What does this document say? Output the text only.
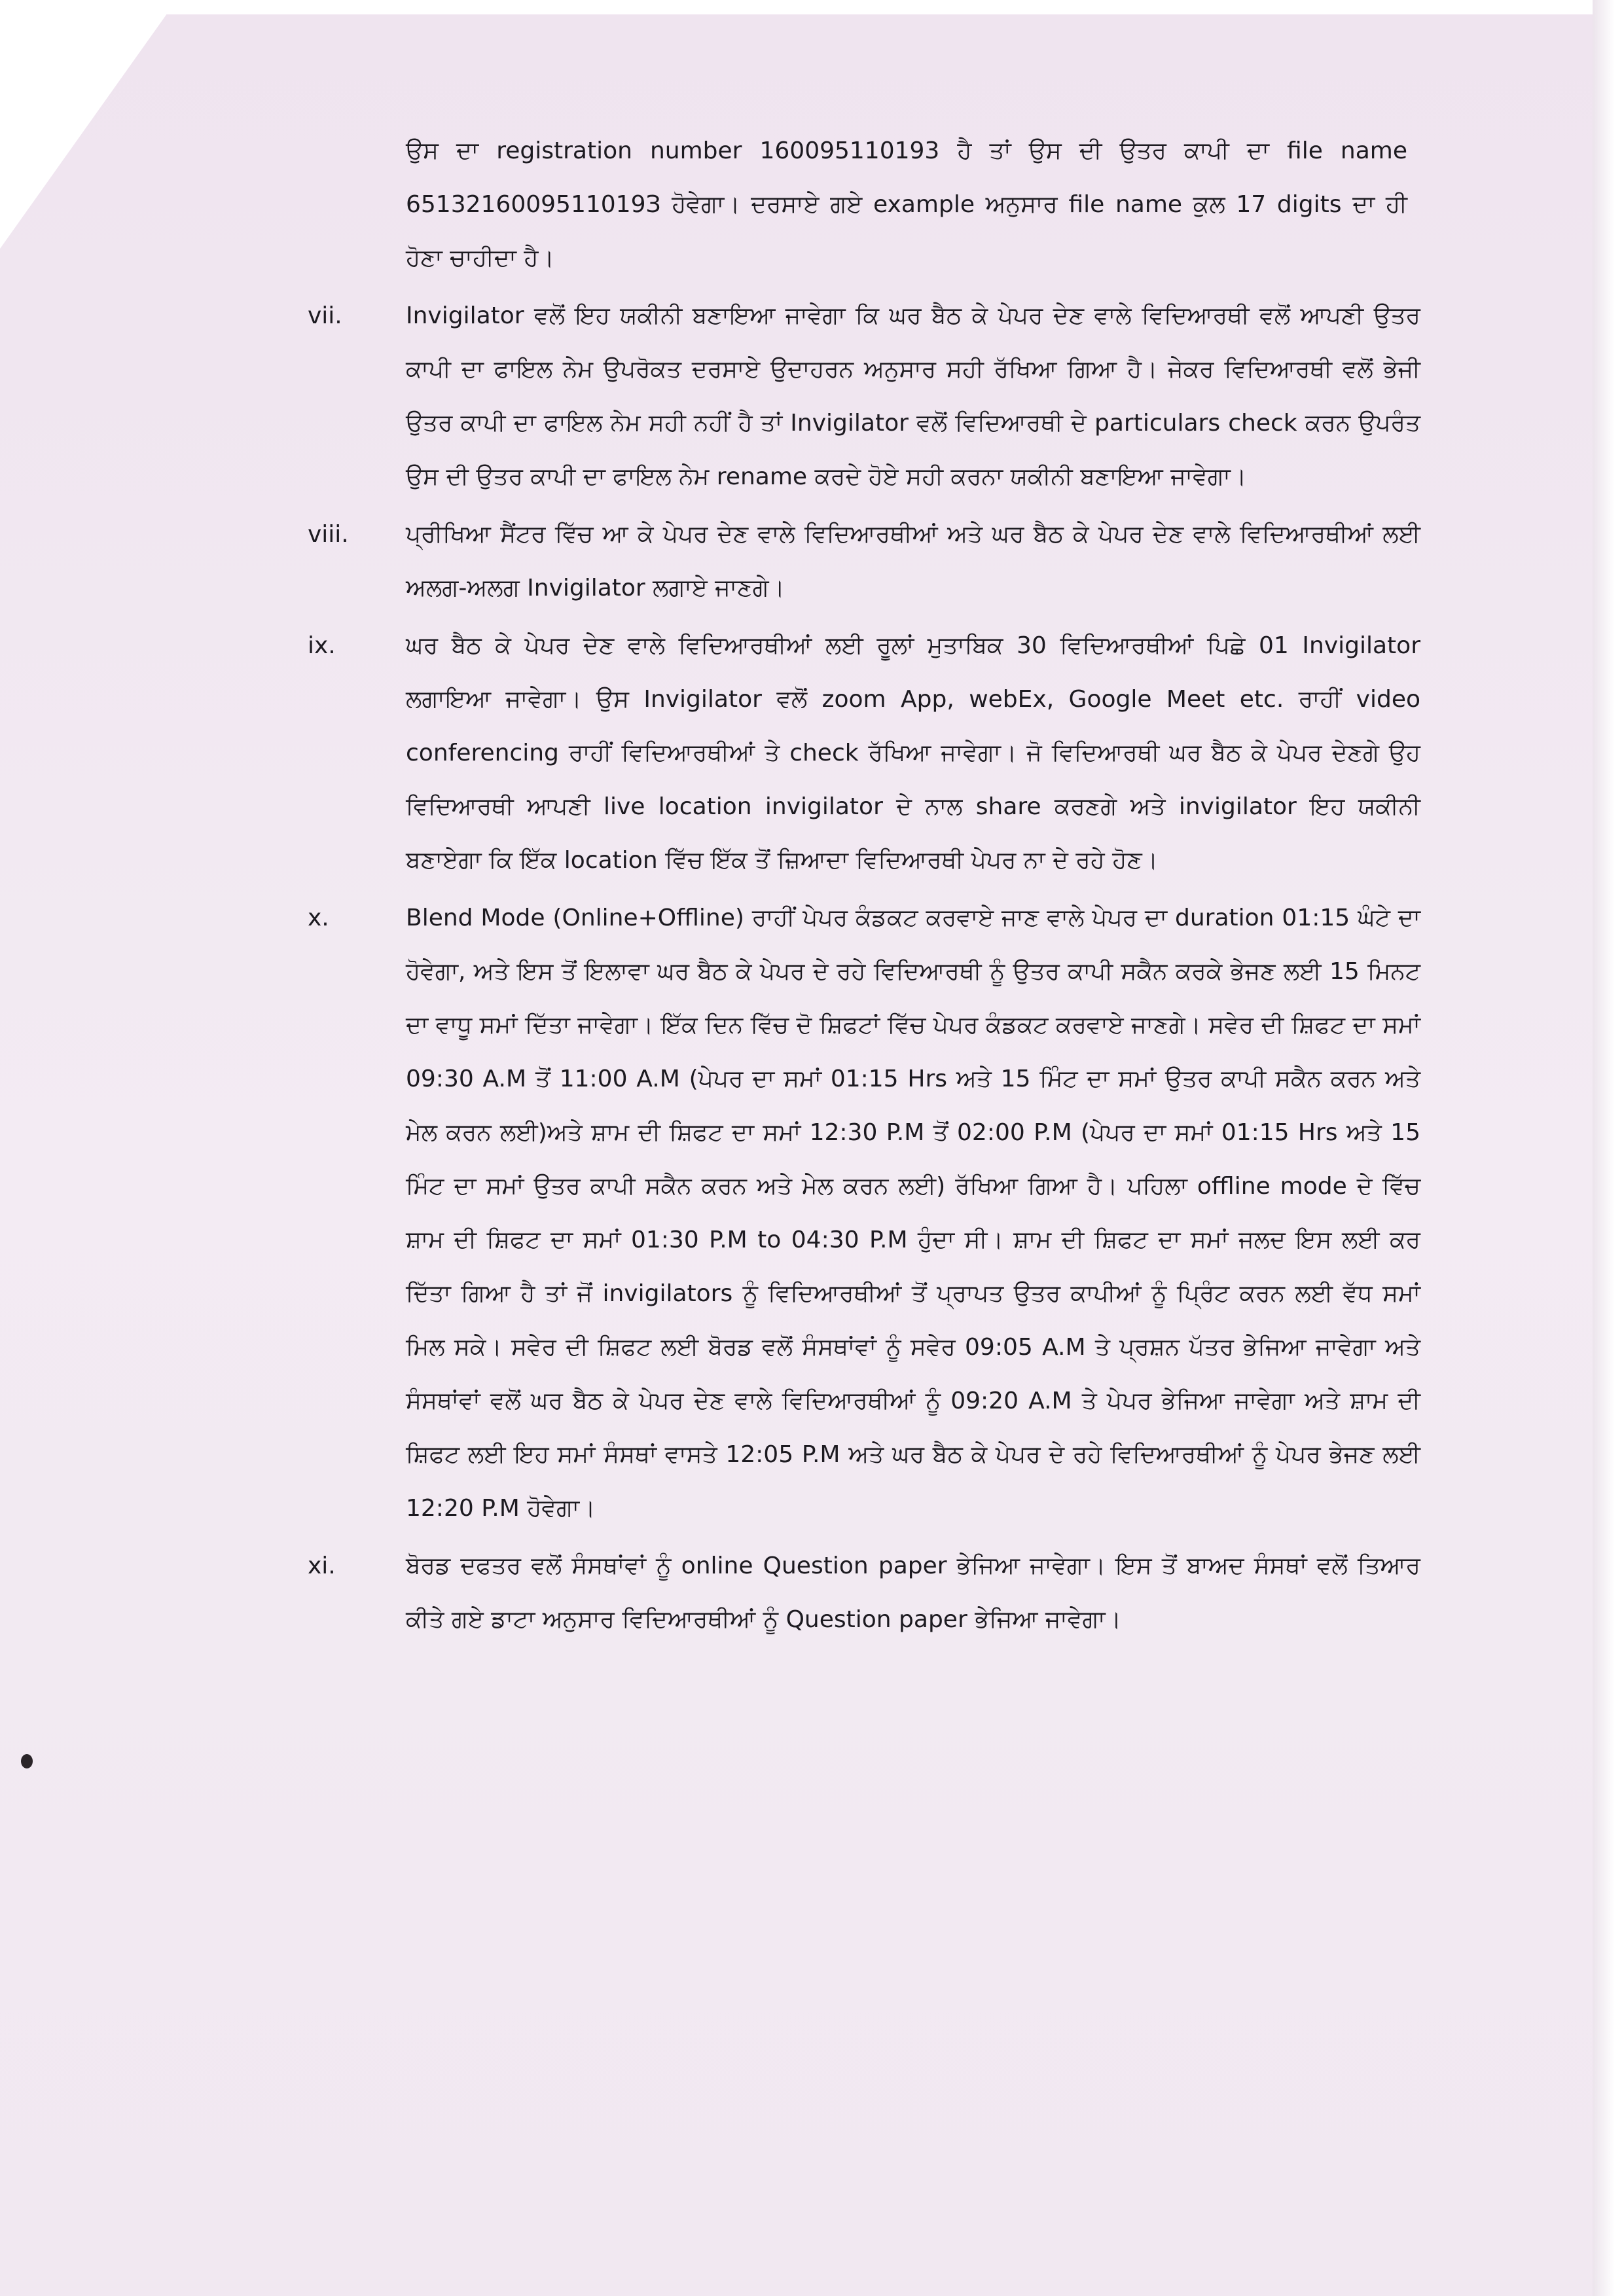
ਉਸ ਦਾ registration number 160095110193 ਹੈ ਤਾਂ ਉਸ ਦੀ ਉਤਰ ਕਾਪੀ ਦਾ file name 6513216009511019З ਹੋਵੇਗਾ। ਦਰਸਾਏ ਗਏ example ਅਨੁਸਾਰ file name ਕੁਲ 17 digits ਦਾ ਹੀ ਹੋਣਾ ਚਾਹੀਦਾ ਹੈ।
vii.	Invigilator ਵਲੋਂ ਇਹ ਯਕੀਨੀ ਬਣਾਇਆ ਜਾਵੇਗਾ ਕਿ ਘਰ ਬੈਠ ਕੇ ਪੇਪਰ ਦੇਣ ਵਾਲੇ ਵਿਦਿਆਰਥੀ ਵਲੋਂ ਆਪਣੀ ਉਤਰ ਕਾਪੀ ਦਾ ਫਾਇਲ ਨੇਮ ਉਪਰੋਕਤ ਦਰਸਾਏ ਉਦਾਹਰਨ ਅਨੁਸਾਰ ਸਹੀ ਰੱਖਿਆ ਗਿਆ ਹੈ। ਜੇਕਰ ਵਿਦਿਆਰਥੀ ਵਲੋਂ ਭੇਜੀ ਉਤਰ ਕਾਪੀ ਦਾ ਫਾਇਲ ਨੇਮ ਸਹੀ ਨਹੀਂ ਹੈ ਤਾਂ Invigilator ਵਲੋਂ ਵਿਦਿਆਰਥੀ ਦੇ particulars check ਕਰਨ ਉਪਰੰਤ ਉਸ ਦੀ ਉਤਰ ਕਾਪੀ ਦਾ ਫਾਇਲ ਨੇਮ rename ਕਰਦੇ ਹੋਏ ਸਹੀ ਕਰਨਾ ਯਕੀਨੀ ਬਣਾਇਆ ਜਾਵੇਗਾ।
viii.	ਪ੍ਰੀਖਿਆ ਸੈਂਟਰ ਵਿੱਚ ਆ ਕੇ ਪੇਪਰ ਦੇਣ ਵਾਲੇ ਵਿਦਿਆਰਥੀਆਂ ਅਤੇ ਘਰ ਬੈਠ ਕੇ ਪੇਪਰ ਦੇਣ ਵਾਲੇ ਵਿਦਿਆਰਥੀਆਂ ਲਈ ਅਲਗ-ਅਲਗ Invigilator ਲਗਾਏ ਜਾਣਗੇ।
ix.	ਘਰ ਬੈਠ ਕੇ ਪੇਪਰ ਦੇਣ ਵਾਲੇ ਵਿਦਿਆਰਥੀਆਂ ਲਈ ਰੂਲਾਂ ਮੁਤਾਬਿਕ 30 ਵਿਦਿਆਰਥੀਆਂ ਪਿਛੇ 01 Invigilator ਲਗਾਇਆ ਜਾਵੇਗਾ। ਉਸ Invigilator ਵਲੋਂ zoom App, webEx, Google Meet etc. ਰਾਹੀਂ video conferencing ਰਾਹੀਂ ਵਿਦਿਆਰਥੀਆਂ ਤੇ check ਰੱਖਿਆ ਜਾਵੇਗਾ। ਜੋ ਵਿਦਿਆਰਥੀ ਘਰ ਬੈਠ ਕੇ ਪੇਪਰ ਦੇਣਗੇ ਉਹ ਵਿਦਿਆਰਥੀ ਆਪਣੀ live location invigilator ਦੇ ਨਾਲ share ਕਰਣਗੇ ਅਤੇ invigilator ਇਹ ਯਕੀਨੀ ਬਣਾਏਗਾ ਕਿ ਇੱਕ location ਵਿੱਚ ਇੱਕ ਤੋਂ ਜ਼ਿਆਦਾ ਵਿਦਿਆਰਥੀ ਪੇਪਰ ਨਾ ਦੇ ਰਹੇ ਹੋਣ।
x.	Blend Mode (Online+Offline) ਰਾਹੀਂ ਪੇਪਰ ਕੰਡਕਟ ਕਰਵਾਏ ਜਾਣ ਵਾਲੇ ਪੇਪਰ ਦਾ duration 01:15 ਘੰਟੇ ਦਾ ਹੋਵੇਗਾ, ਅਤੇ ਇਸ ਤੋਂ ਇਲਾਵਾ ਘਰ ਬੈਠ ਕੇ ਪੇਪਰ ਦੇ ਰਹੇ ਵਿਦਿਆਰਥੀ ਨੂੰ ਉਤਰ ਕਾਪੀ ਸਕੈਨ ਕਰਕੇ ਭੇਜਣ ਲਈ 15 ਮਿਨਟ ਦਾ ਵਾਧੂ ਸਮਾਂ ਦਿੱਤਾ ਜਾਵੇਗਾ। ਇੱਕ ਦਿਨ ਵਿੱਚ ਦੋ ਸ਼ਿਫਟਾਂ ਵਿੱਚ ਪੇਪਰ ਕੰਡਕਟ ਕਰਵਾਏ ਜਾਣਗੇ। ਸਵੇਰ ਦੀ ਸ਼ਿਫਟ ਦਾ ਸਮਾਂ 09:30 A.M ਤੋਂ 11:00 A.M (ਪੇਪਰ ਦਾ ਸਮਾਂ 01:15 Hrs ਅਤੇ 15 ਮਿੰਟ ਦਾ ਸਮਾਂ ਉਤਰ ਕਾਪੀ ਸਕੈਨ ਕਰਨ ਅਤੇ ਮੇਲ ਕਰਨ ਲਈ)ਅਤੇ ਸ਼ਾਮ ਦੀ ਸ਼ਿਫਟ ਦਾ ਸਮਾਂ 12:30 P.M ਤੋਂ 02:00 P.M (ਪੇਪਰ ਦਾ ਸਮਾਂ 01:15 Hrs ਅਤੇ 15 ਮਿੰਟ ਦਾ ਸਮਾਂ ਉਤਰ ਕਾਪੀ ਸਕੈਨ ਕਰਨ ਅਤੇ ਮੇਲ ਕਰਨ ਲਈ) ਰੱਖਿਆ ਗਿਆ ਹੈ। ਪਹਿਲਾ offline mode ਦੇ ਵਿੱਚ ਸ਼ਾਮ ਦੀ ਸ਼ਿਫਟ ਦਾ ਸਮਾਂ 01:30 P.M to 04:30 P.M ਹੁੰਦਾ ਸੀ। ਸ਼ਾਮ ਦੀ ਸ਼ਿਫਟ ਦਾ ਸਮਾਂ ਜਲਦ ਇਸ ਲਈ ਕਰ ਦਿੱਤਾ ਗਿਆ ਹੈ ਤਾਂ ਜੋਂ invigilators ਨੂੰ ਵਿਦਿਆਰਥੀਆਂ ਤੋਂ ਪ੍ਰਾਪਤ ਉਤਰ ਕਾਪੀਆਂ ਨੂੰ ਪ੍ਰਿੰਟ ਕਰਨ ਲਈ ਵੱਧ ਸਮਾਂ ਮਿਲ ਸਕੇ। ਸਵੇਰ ਦੀ ਸ਼ਿਫਟ ਲਈ ਬੋਰਡ ਵਲੋਂ ਸੰਸਥਾਂਵਾਂ ਨੂੰ ਸਵੇਰ 09:05 A.M ਤੇ ਪ੍ਰਸ਼ਨ ਪੱਤਰ ਭੇਜਿਆ ਜਾਵੇਗਾ ਅਤੇ ਸੰਸਥਾਂਵਾਂ ਵਲੋਂ ਘਰ ਬੈਠ ਕੇ ਪੇਪਰ ਦੇਣ ਵਾਲੇ ਵਿਦਿਆਰਥੀਆਂ ਨੂੰ 09:20 A.M ਤੇ ਪੇਪਰ ਭੇਜਿਆ ਜਾਵੇਗਾ ਅਤੇ ਸ਼ਾਮ ਦੀ ਸ਼ਿਫਟ ਲਈ ਇਹ ਸਮਾਂ ਸੰਸਥਾਂ ਵਾਸਤੇ 12:05 P.M ਅਤੇ ਘਰ ਬੈਠ ਕੇ ਪੇਪਰ ਦੇ ਰਹੇ ਵਿਦਿਆਰਥੀਆਂ ਨੂੰ ਪੇਪਰ ਭੇਜਣ ਲਈ 12:20 P.M ਹੋਵੇਗਾ।
xi.	ਬੋਰਡ ਦਫਤਰ ਵਲੋਂ ਸੰਸਥਾਂਵਾਂ ਨੂੰ online Question paper ਭੇਜਿਆ ਜਾਵੇਗਾ। ਇਸ ਤੋਂ ਬਾਅਦ ਸੰਸਥਾਂ ਵਲੋਂ ਤਿਆਰ ਕੀਤੇ ਗਏ ਡਾਟਾ ਅਨੁਸਾਰ ਵਿਦਿਆਰਥੀਆਂ ਨੂੰ Question paper ਭੇਜਿਆ ਜਾਵੇਗਾ।
